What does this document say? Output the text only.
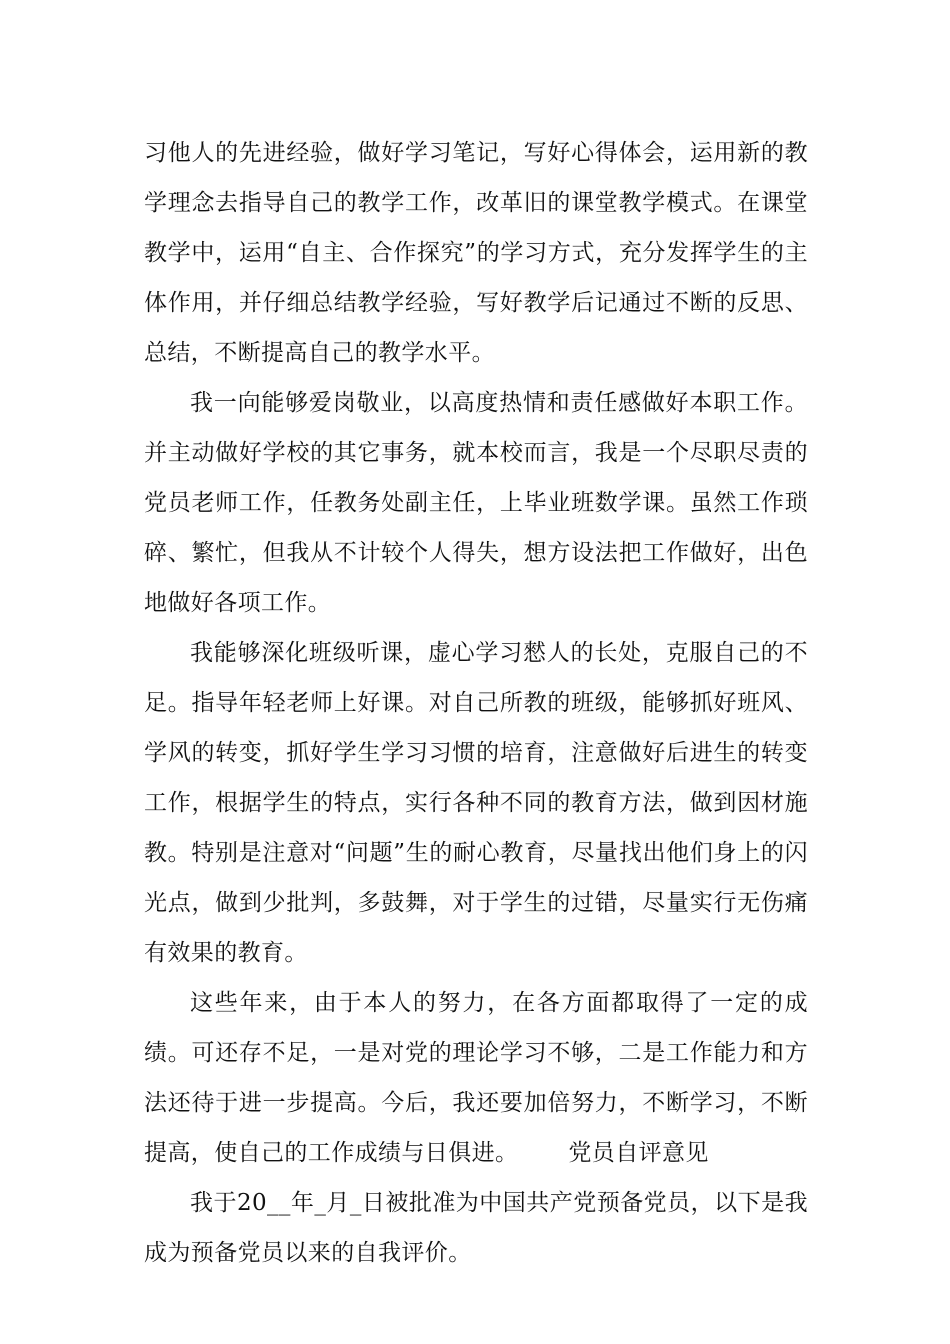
习他人的先进经验，做好学习笔记，写好心得体会，运用新的教学理念去指导自己的教学工作，改革旧的课堂教学模式。在课堂教学中，运用“自主、合作探究”的学习方式，充分发挥学生的主体作用，并仔细总结教学经验，写好教学后记通过不断的反思、总结，不断提高自己的教学水平。

我一向能够爱岗敬业，以高度热情和责任感做好本职工作。并主动做好学校的其它事务，就本校而言，我是一个尽职尽责的党员老师工作，任教务处副主任，上毕业班数学课。虽然工作琐碎、繁忙，但我从不计较个人得失，想方设法把工作做好，出色地做好各项工作。

我能够深化班级听课，虚心学习憖人的长处，克服自己的不足。指导年轻老师上好课。对自己所教的班级，能够抓好班风、学风的转变，抓好学生学习习惯的培育，注意做好后进生的转变工作，根据学生的特点，实行各种不同的教育方法，做到因材施教。特别是注意对“问题”生的耐心教育，尽量找出他们身上的闪光点，做到少批判，多鼓舞，对于学生的过错，尽量实行无伤痛有效果的教育。

这些年来，由于本人的努力，在各方面都取得了一定的成绩。可还存不足，一是对党的理论学习不够，二是工作能力和方法还待于进一步提高。今后，我还要加倍努力，不断学习，不断提高，使自己的工作成绩与日俱进。 党员自评意见

我于20__年_月_日被批准为中国共产党预备党员，以下是我成为预备党员以来的自我评价。
